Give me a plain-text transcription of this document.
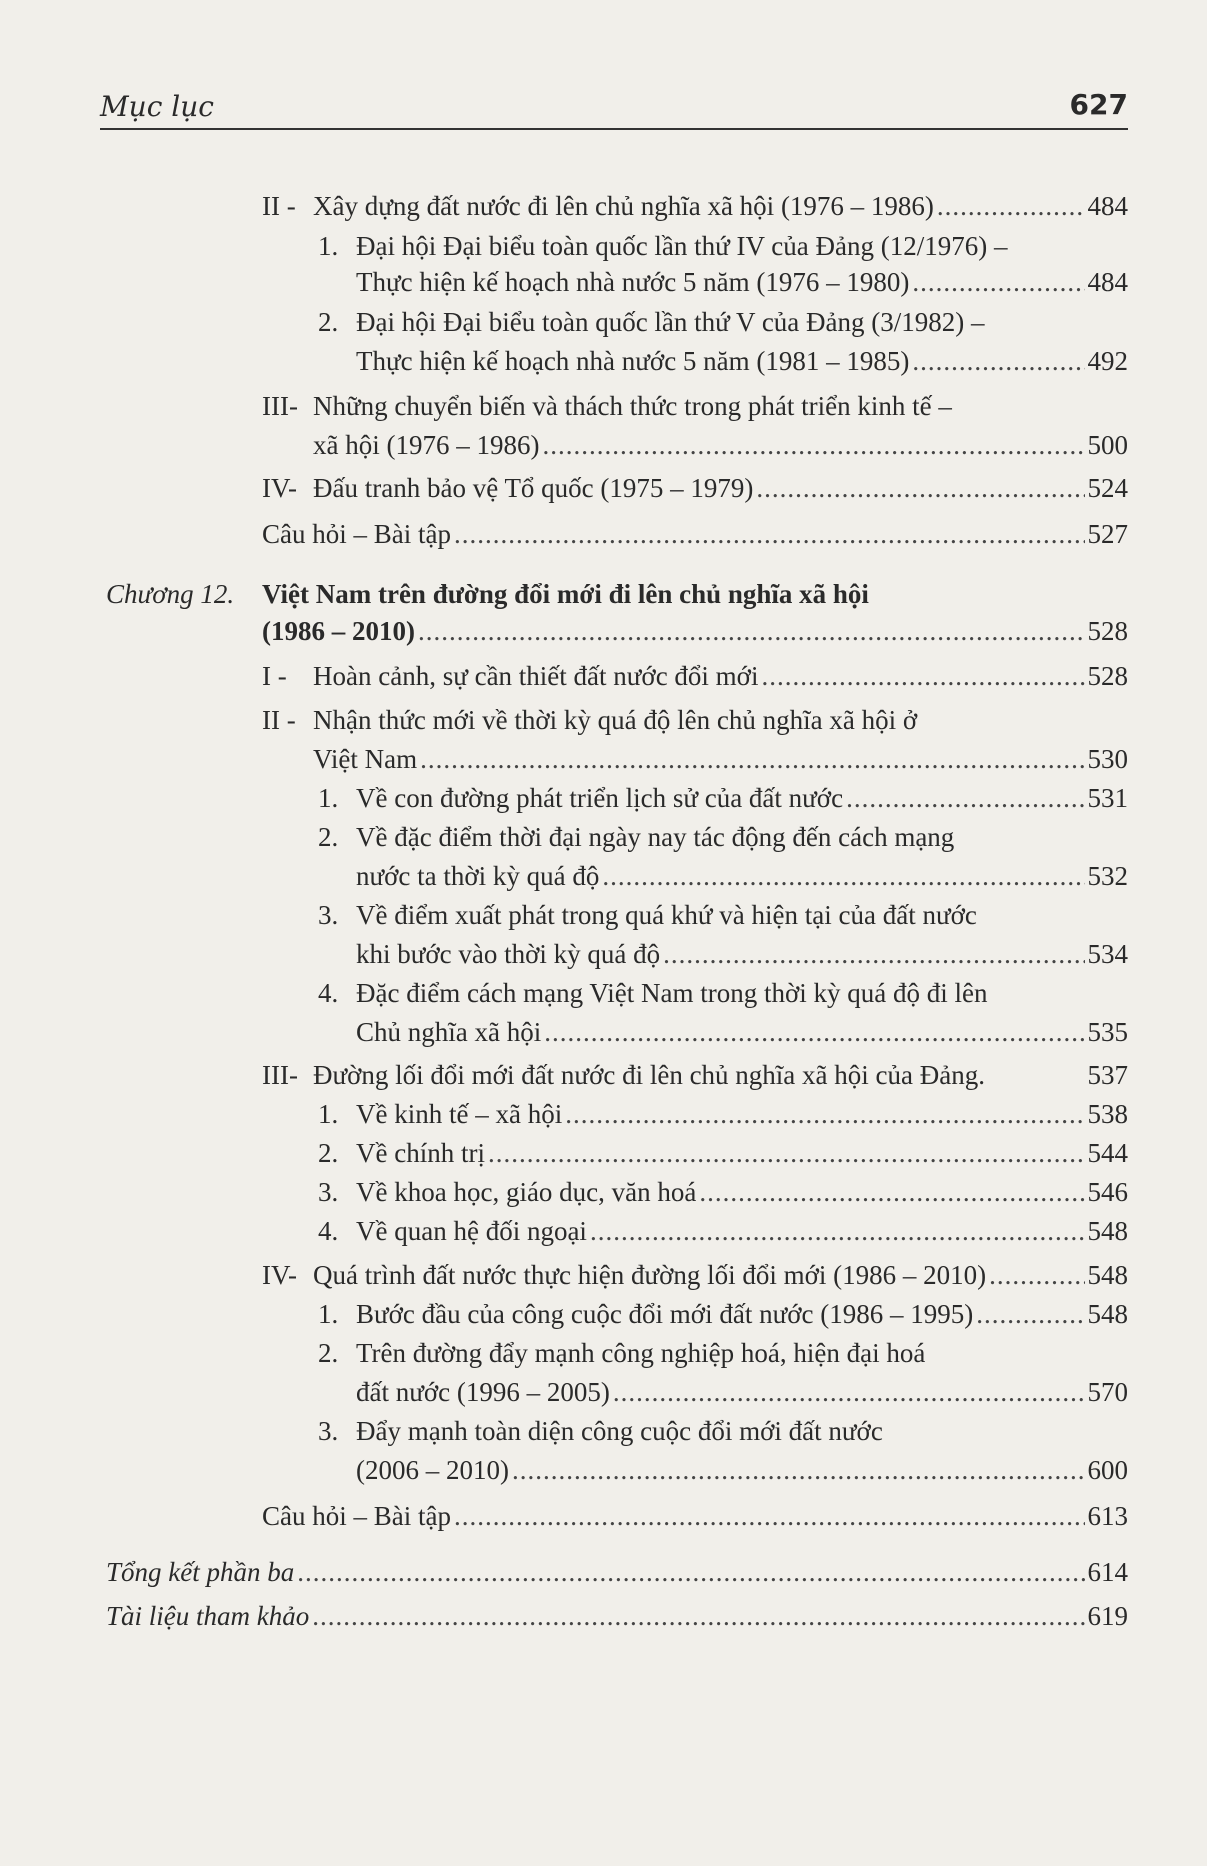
Mục lục	627
II - Xây dựng đất nước đi lên chủ nghĩa xã hội (1976 – 1986) .....	484
1. Đại hội Đại biểu toàn quốc lần thứ IV của Đảng (12/1976) –
Thực hiện kế hoạch nhà nước 5 năm (1976 – 1980) .....	484
2. Đại hội Đại biểu toàn quốc lần thứ V của Đảng (3/1982) –
Thực hiện kế hoạch nhà nước 5 năm (1981 – 1985) .....	492
III- Những chuyển biến và thách thức trong phát triển kinh tế –
xã hội (1976 – 1986) .....	500
IV- Đấu tranh bảo vệ Tổ quốc (1975 – 1979) .....	524
Câu hỏi – Bài tập .....	527
Chương 12. Việt Nam trên đường đổi mới đi lên chủ nghĩa xã hội
(1986 – 2010) .....	528
I - Hoàn cảnh, sự cần thiết đất nước đổi mới .....	528
II - Nhận thức mới về thời kỳ quá độ lên chủ nghĩa xã hội ở
Việt Nam .....	530
1. Về con đường phát triển lịch sử của đất nước .....	531
2. Về đặc điểm thời đại ngày nay tác động đến cách mạng
nước ta thời kỳ quá độ .....	532
3. Về điểm xuất phát trong quá khứ và hiện tại của đất nước
khi bước vào thời kỳ quá độ .....	534
4. Đặc điểm cách mạng Việt Nam trong thời kỳ quá độ đi lên
Chủ nghĩa xã hội .....	535
III- Đường lối đổi mới đất nước đi lên chủ nghĩa xã hội của Đảng.	537
1. Về kinh tế – xã hội .....	538
2. Về chính trị .....	544
3. Về khoa học, giáo dục, văn hoá .....	546
4. Về quan hệ đối ngoại .....	548
IV- Quá trình đất nước thực hiện đường lối đổi mới (1986 – 2010) .....	548
1. Bước đầu của công cuộc đổi mới đất nước (1986 – 1995) .....	548
2. Trên đường đẩy mạnh công nghiệp hoá, hiện đại hoá
đất nước (1996 – 2005) .....	570
3. Đẩy mạnh toàn diện công cuộc đổi mới đất nước
(2006 – 2010) .....	600
Câu hỏi – Bài tập .....	613
Tổng kết phần ba .....	614
Tài liệu tham khảo .....	619
